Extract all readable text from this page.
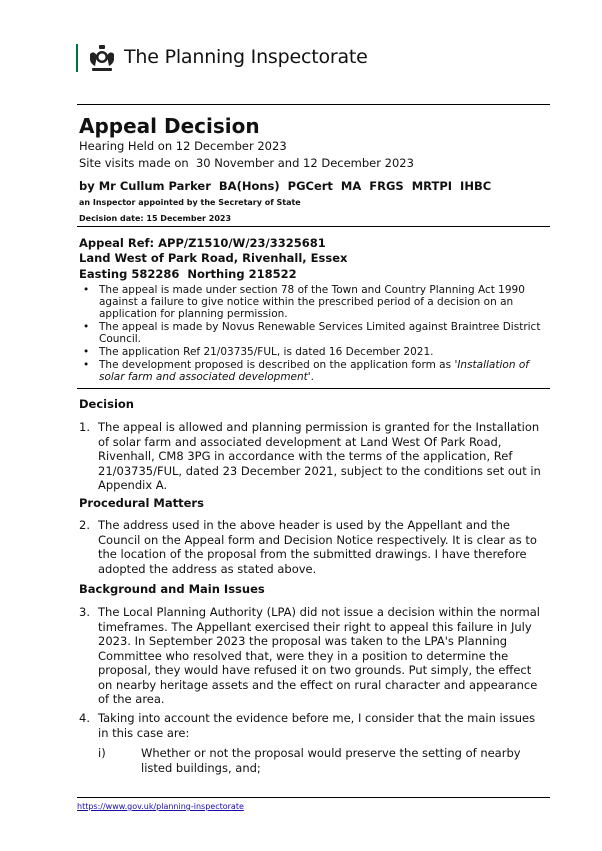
The Planning Inspectorate
Appeal Decision
Hearing Held on 12 December 2023
Site visits made on  30 November and 12 December 2023
by Mr Cullum Parker  BA(Hons)  PGCert  MA  FRGS  MRTPI  IHBC
an Inspector appointed by the Secretary of State
Decision date: 15 December 2023
Appeal Ref: APP/Z1510/W/23/3325681
Land West of Park Road, Rivenhall, Essex
Easting 582286  Northing 218522
• The appeal is made under section 78 of the Town and Country Planning Act 1990 against a failure to give notice within the prescribed period of a decision on an application for planning permission.
• The appeal is made by Novus Renewable Services Limited against Braintree District Council.
• The application Ref 21/03735/FUL, is dated 16 December 2021.
• The development proposed is described on the application form as 'Installation of solar farm and associated development'.
Decision
1. The appeal is allowed and planning permission is granted for the Installation of solar farm and associated development at Land West Of Park Road, Rivenhall, CM8 3PG in accordance with the terms of the application, Ref 21/03735/FUL, dated 23 December 2021, subject to the conditions set out in Appendix A.
Procedural Matters
2. The address used in the above header is used by the Appellant and the Council on the Appeal form and Decision Notice respectively. It is clear as to the location of the proposal from the submitted drawings. I have therefore adopted the address as stated above.
Background and Main Issues
3. The Local Planning Authority (LPA) did not issue a decision within the normal timeframes. The Appellant exercised their right to appeal this failure in July 2023. In September 2023 the proposal was taken to the LPA's Planning Committee who resolved that, were they in a position to determine the proposal, they would have refused it on two grounds. Put simply, the effect on nearby heritage assets and the effect on rural character and appearance of the area.
4. Taking into account the evidence before me, I consider that the main issues in this case are:
i)	Whether or not the proposal would preserve the setting of nearby listed buildings, and;
https://www.gov.uk/planning-inspectorate
